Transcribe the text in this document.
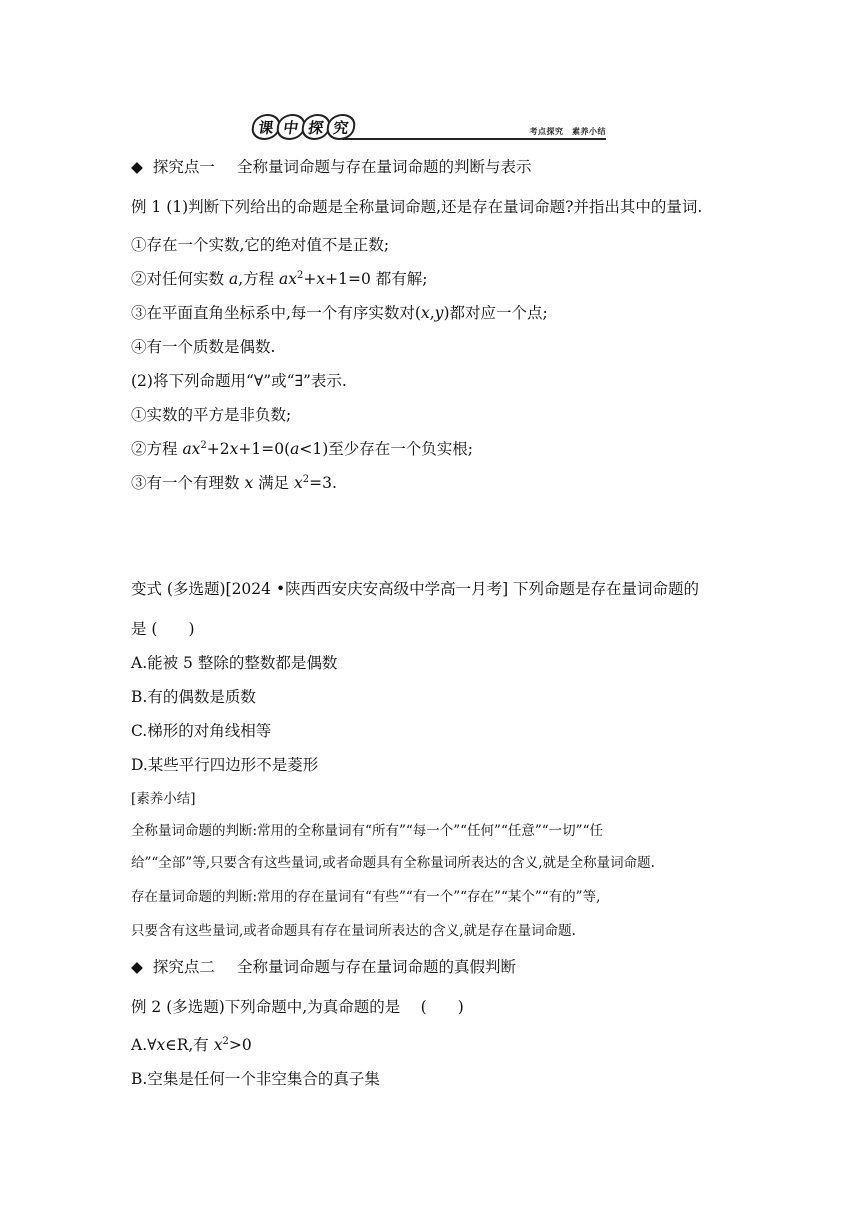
课 中 探 究	考点探究　素养小结
◆ 探究点一 全称量词命题与存在量词命题的判断与表示
例 1 (1)判断下列给出的命题是全称量词命题,还是存在量词命题?并指出其中的量词.
①存在一个实数,它的绝对值不是正数;
②对任何实数 a,方程 $ax^2+x+1=0$ 都有解;
③在平面直角坐标系中,每一个有序实数对(x,y)都对应一个点;
④有一个质数是偶数.
(2)将下列命题用“∀”或“∃”表示.
①实数的平方是非负数;
②方程 $ax^2+2x+1=0(a<1)$至少存在一个负实根;
③有一个有理数 x 满足 $x^2=3$.
变式 (多选题)[2024 •陕西西安庆安高级中学高一月考] 下列命题是存在量词命题的
是 (　　)
A.能被 5 整除的整数都是偶数
B.有的偶数是质数
C.梯形的对角线相等
D.某些平行四边形不是菱形
[素养小结]
全称量词命题的判断:常用的全称量词有“所有”“每一个”“任何”“任意”“一切”“任
给”“全部”等,只要含有这些量词,或者命题具有全称量词所表达的含义,就是全称量词命题.
存在量词命题的判断:常用的存在量词有“有些”“有一个”“存在”“某个”“有的”等,
只要含有这些量词,或者命题具有存在量词所表达的含义,就是存在量词命题.
◆ 探究点二 全称量词命题与存在量词命题的真假判断
例 2 (多选题)下列命题中,为真命题的是　 (　　)
A.∀x∈R,有 $x^2>0$
B.空集是任何一个非空集合的真子集
